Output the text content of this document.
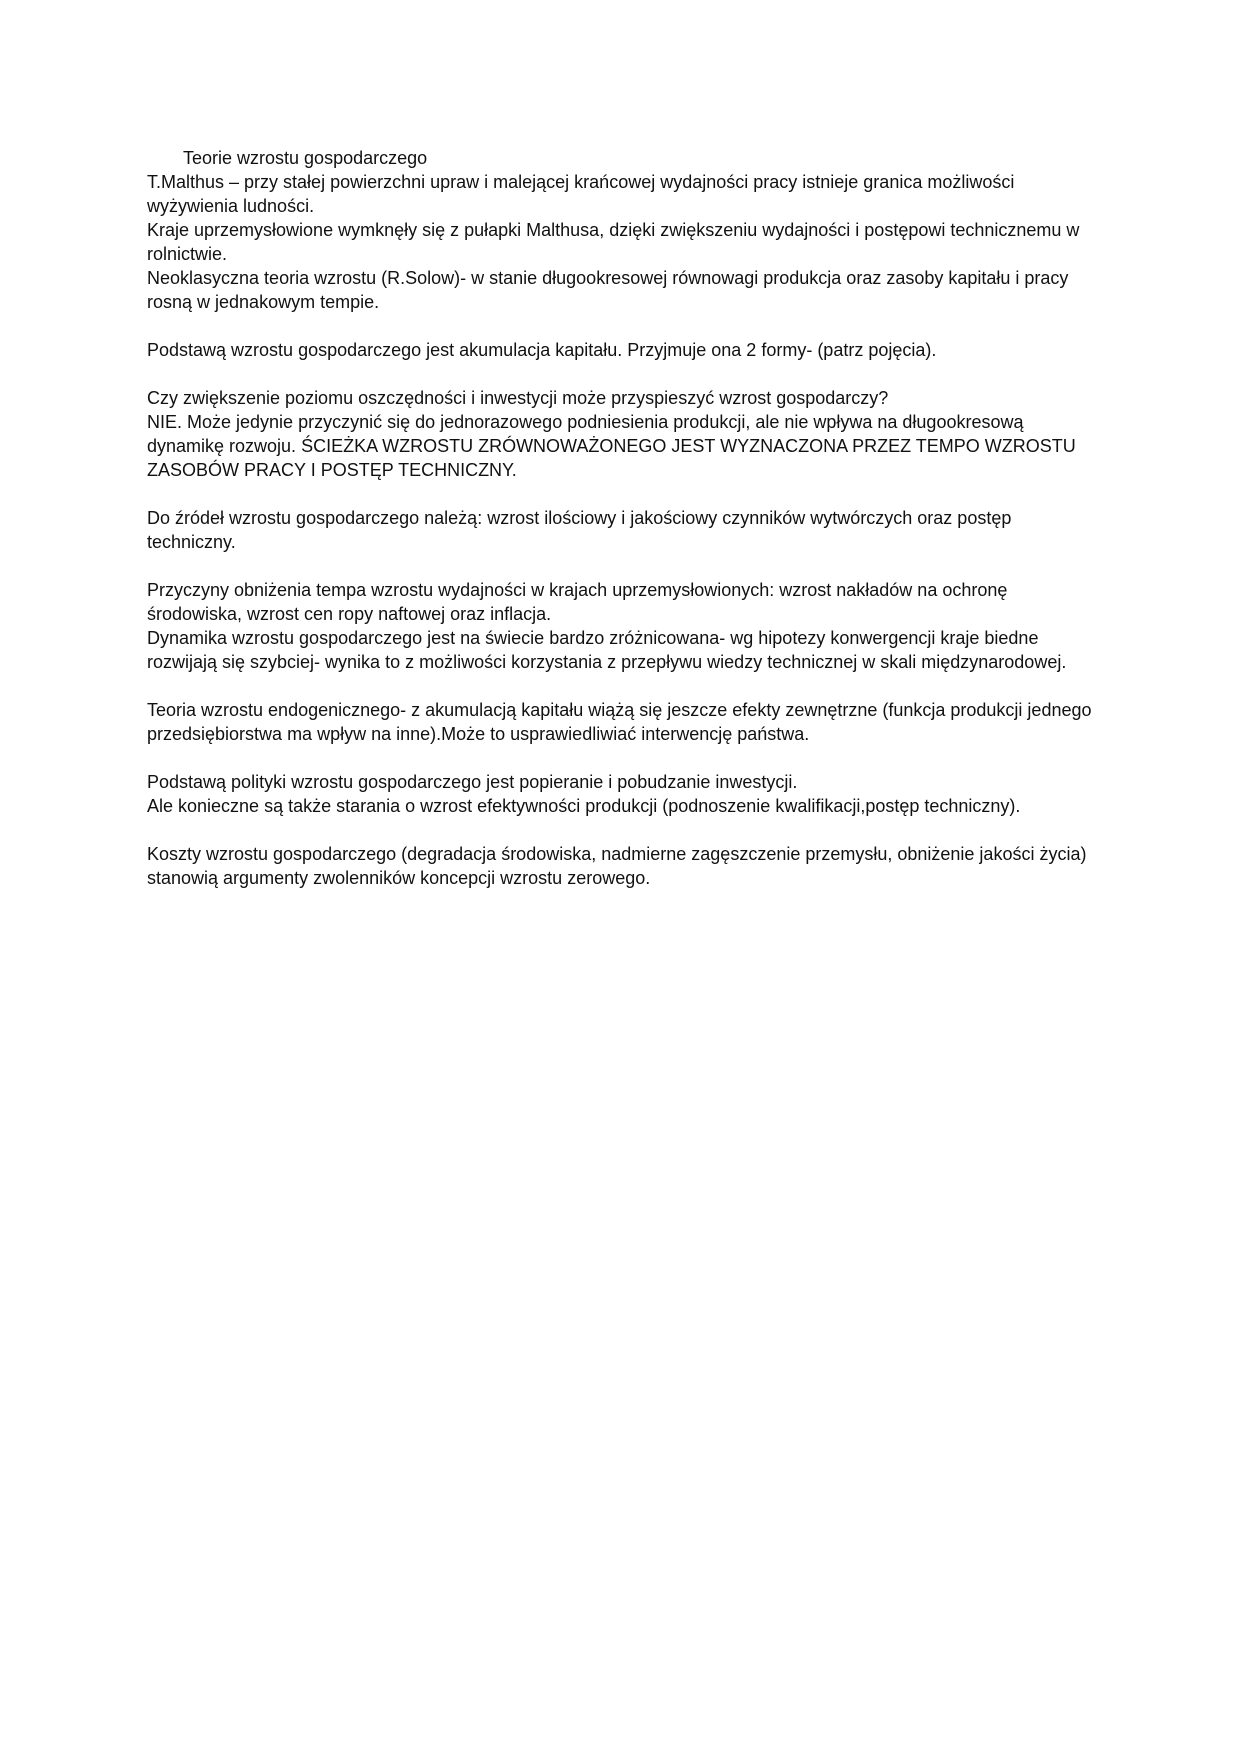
Teorie wzrostu gospodarczego

T.Malthus – przy stałej powierzchni upraw i malejącej krańcowej wydajności pracy istnieje granica możliwości wyżywienia ludności.

Kraje uprzemysłowione wymknęły się z pułapki Malthusa, dzięki zwiększeniu wydajności i postępowi technicznemu w rolnictwie.

Neoklasyczna teoria wzrostu (R.Solow)- w stanie długookresowej równowagi produkcja oraz zasoby kapitału i pracy rosną w jednakowym tempie.

Podstawą wzrostu gospodarczego jest akumulacja kapitału. Przyjmuje ona 2 formy- (patrz pojęcia).

Czy zwiększenie poziomu oszczędności i inwestycji może przyspieszyć wzrost gospodarczy?

NIE. Może jedynie przyczynić się do jednorazowego podniesienia produkcji, ale nie wpływa na długookresową dynamikę rozwoju. ŚCIEŻKA WZROSTU ZRÓWNOWAŻONEGO JEST WYZNACZONA PRZEZ TEMPO WZROSTU ZASOBÓW PRACY I POSTĘP TECHNICZNY.

Do źródeł wzrostu gospodarczego należą: wzrost ilościowy i jakościowy czynników wytwórczych oraz postęp techniczny.

Przyczyny obniżenia tempa wzrostu wydajności w krajach uprzemysłowionych: wzrost nakładów na ochronę środowiska, wzrost cen ropy naftowej oraz inflacja.

Dynamika wzrostu gospodarczego jest na świecie bardzo zróżnicowana- wg hipotezy konwergencji kraje biedne rozwijają się szybciej- wynika to z możliwości korzystania z przepływu wiedzy technicznej w skali międzynarodowej.

Teoria wzrostu endogenicznego- z akumulacją kapitału wiążą się jeszcze efekty zewnętrzne (funkcja produkcji jednego przedsiębiorstwa ma wpływ na inne).Może to usprawiedliwiać interwencję państwa.

Podstawą polityki wzrostu gospodarczego jest popieranie i pobudzanie inwestycji.

Ale konieczne są także starania o wzrost efektywności produkcji (podnoszenie kwalifikacji,postęp techniczny).

Koszty wzrostu gospodarczego (degradacja środowiska, nadmierne zagęszczenie przemysłu, obniżenie jakości życia) stanowią argumenty zwolenników koncepcji wzrostu zerowego.
